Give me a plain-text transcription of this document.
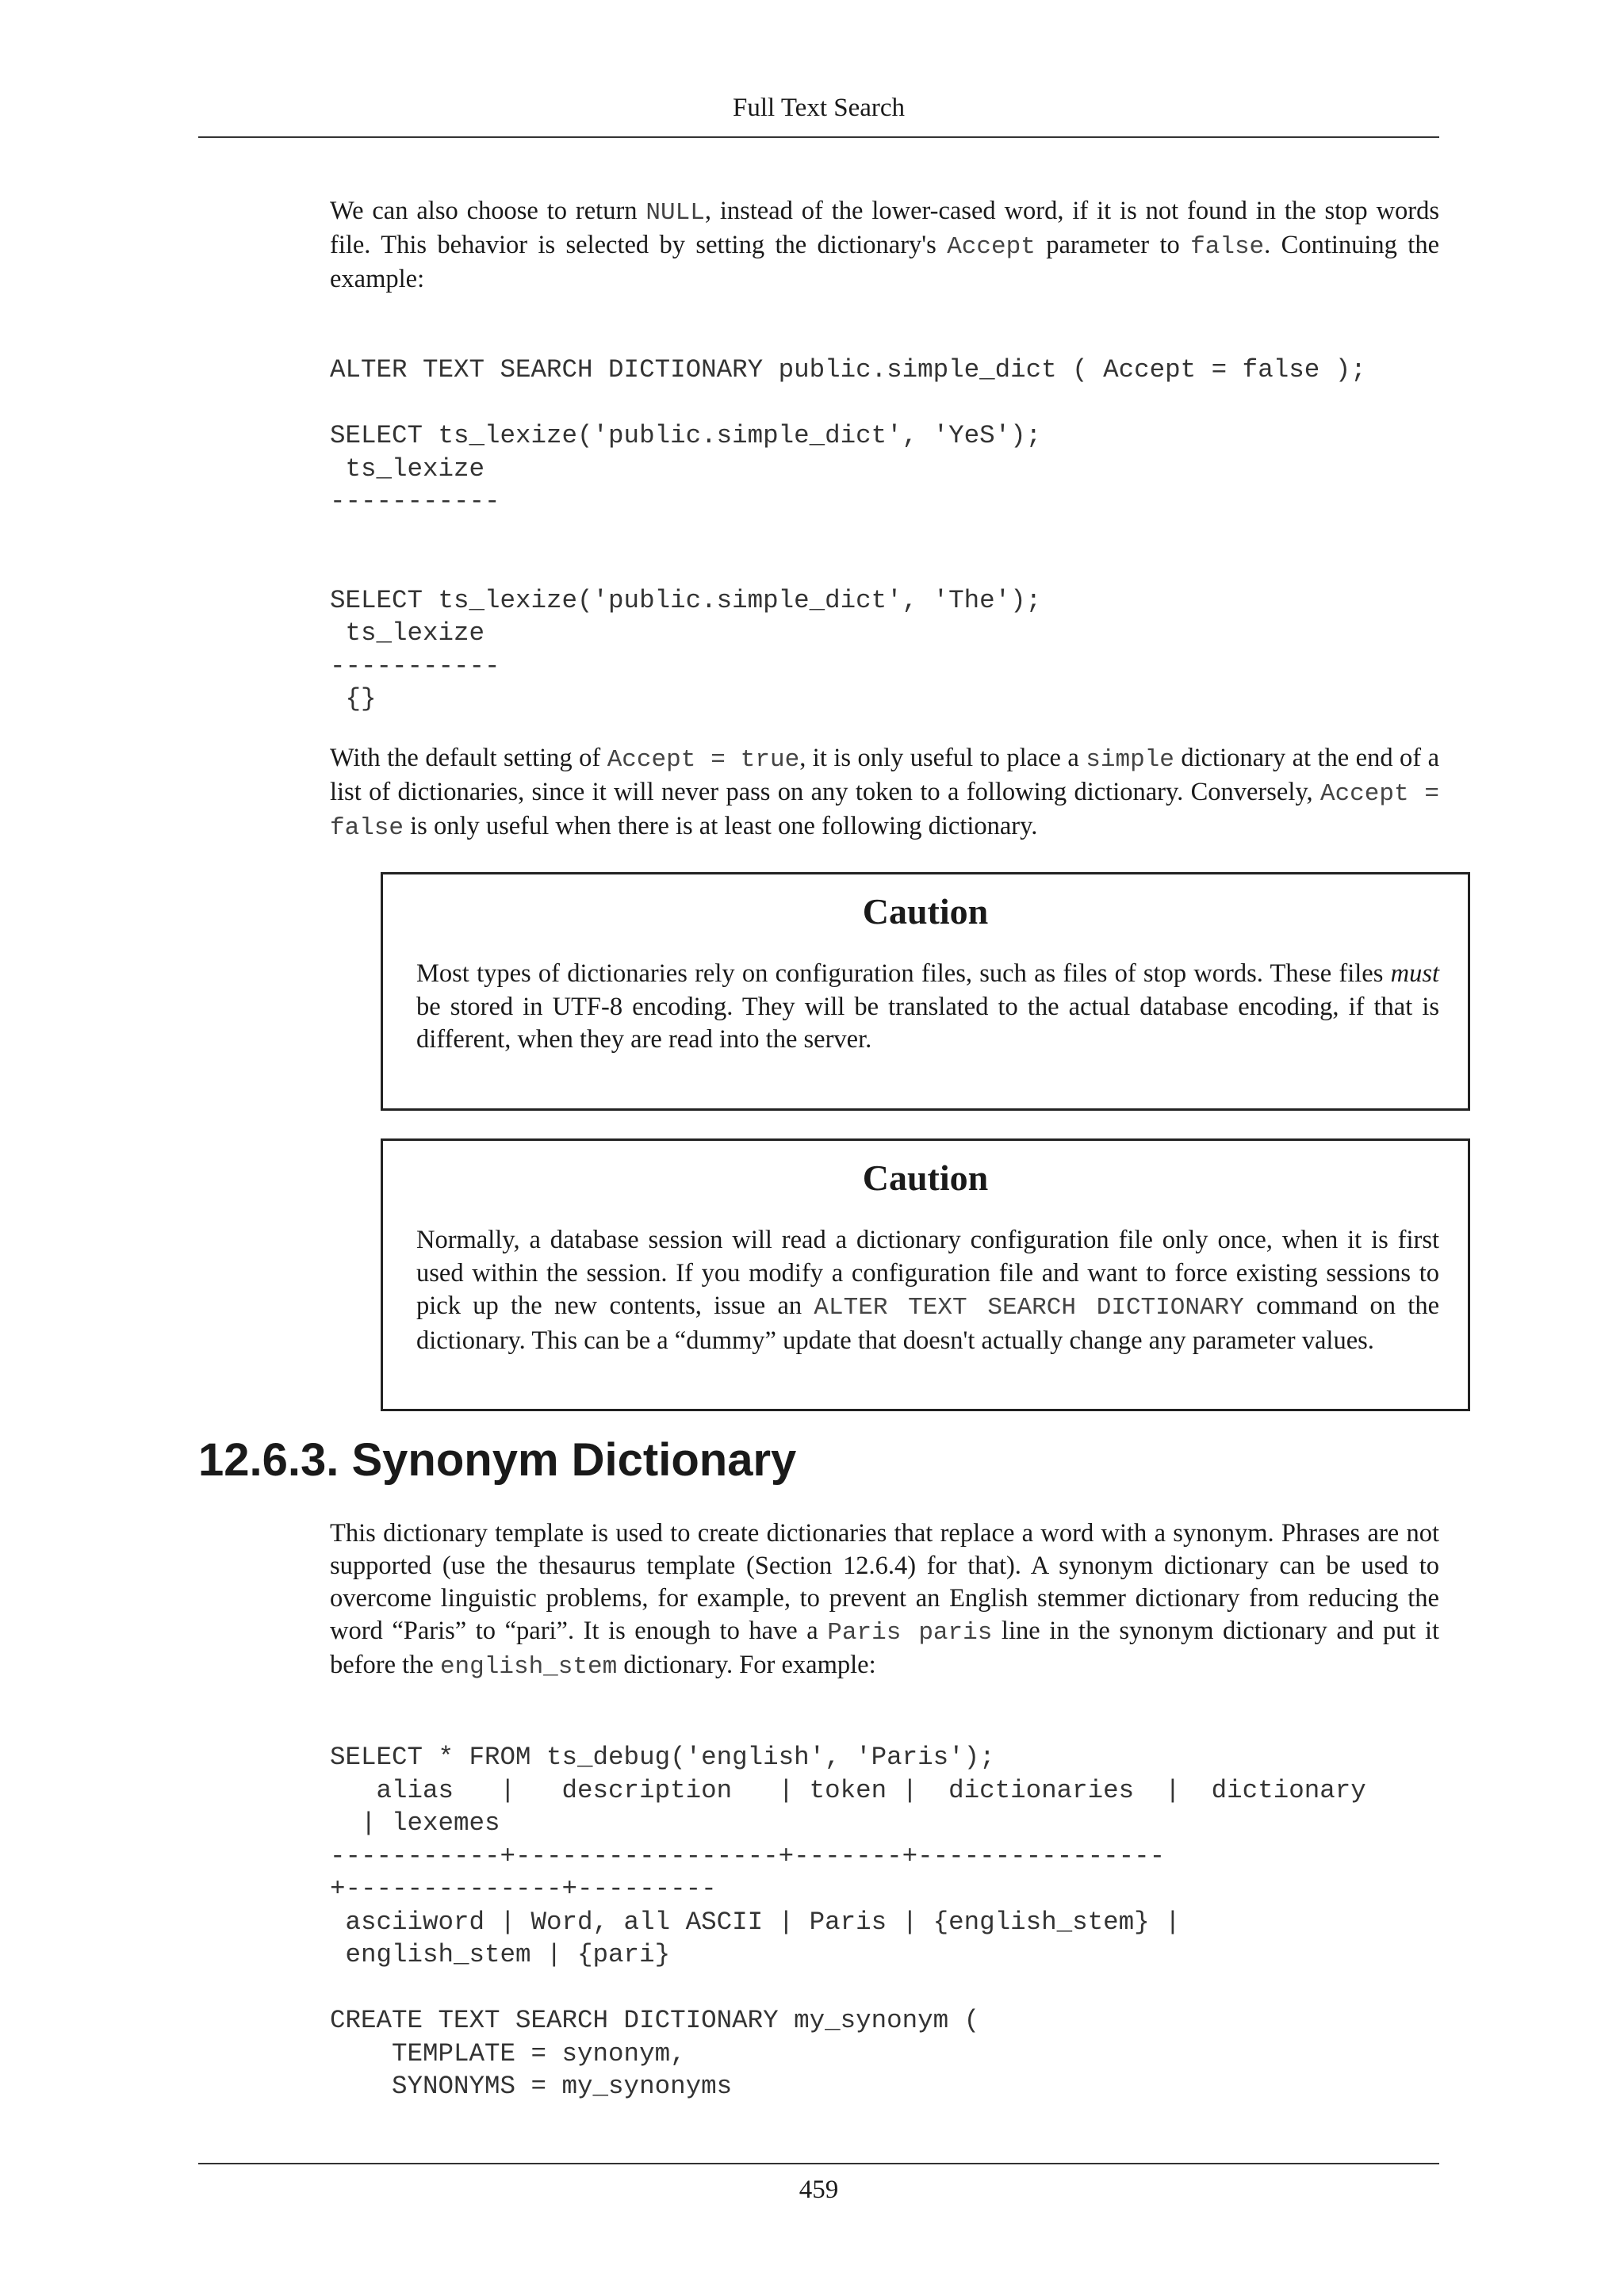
Full Text Search

We can also choose to return NULL, instead of the lower-cased word, if it is not found in the stop words file. This behavior is selected by setting the dictionary's Accept parameter to false. Continuing the example:

ALTER TEXT SEARCH DICTIONARY public.simple_dict ( Accept = false );

SELECT ts_lexize('public.simple_dict', 'YeS');
ts_lexize
-----------

SELECT ts_lexize('public.simple_dict', 'The');
ts_lexize
-----------
{}

With the default setting of Accept = true, it is only useful to place a simple dictionary at the end of a list of dictionaries, since it will never pass on any token to a following dictionary. Conversely, Accept = false is only useful when there is at least one following dictionary.

Caution

Most types of dictionaries rely on configuration files, such as files of stop words. These files must be stored in UTF-8 encoding. They will be translated to the actual database encoding, if that is different, when they are read into the server.

Caution

Normally, a database session will read a dictionary configuration file only once, when it is first used within the session. If you modify a configuration file and want to force existing sessions to pick up the new contents, issue an ALTER TEXT SEARCH DICTIONARY command on the dictionary. This can be a “dummy” update that doesn't actually change any parameter values.

12.6.3. Synonym Dictionary

This dictionary template is used to create dictionaries that replace a word with a synonym. Phrases are not supported (use the thesaurus template (Section 12.6.4) for that). A synonym dictionary can be used to overcome linguistic problems, for example, to prevent an English stemmer dictionary from reducing the word “Paris” to “pari”. It is enough to have a Paris paris line in the synonym dictionary and put it before the english_stem dictionary. For example:

SELECT * FROM ts_debug('english', 'Paris');
alias   |   description   | token |  dictionaries  |  dictionary
| lexemes
-----------+-----------------+-------+----------------
+--------------+---------
asciiword | Word, all ASCII | Paris | {english_stem} |
english_stem | {pari}

CREATE TEXT SEARCH DICTIONARY my_synonym (
TEMPLATE = synonym,
SYNONYMS = my_synonyms
459
